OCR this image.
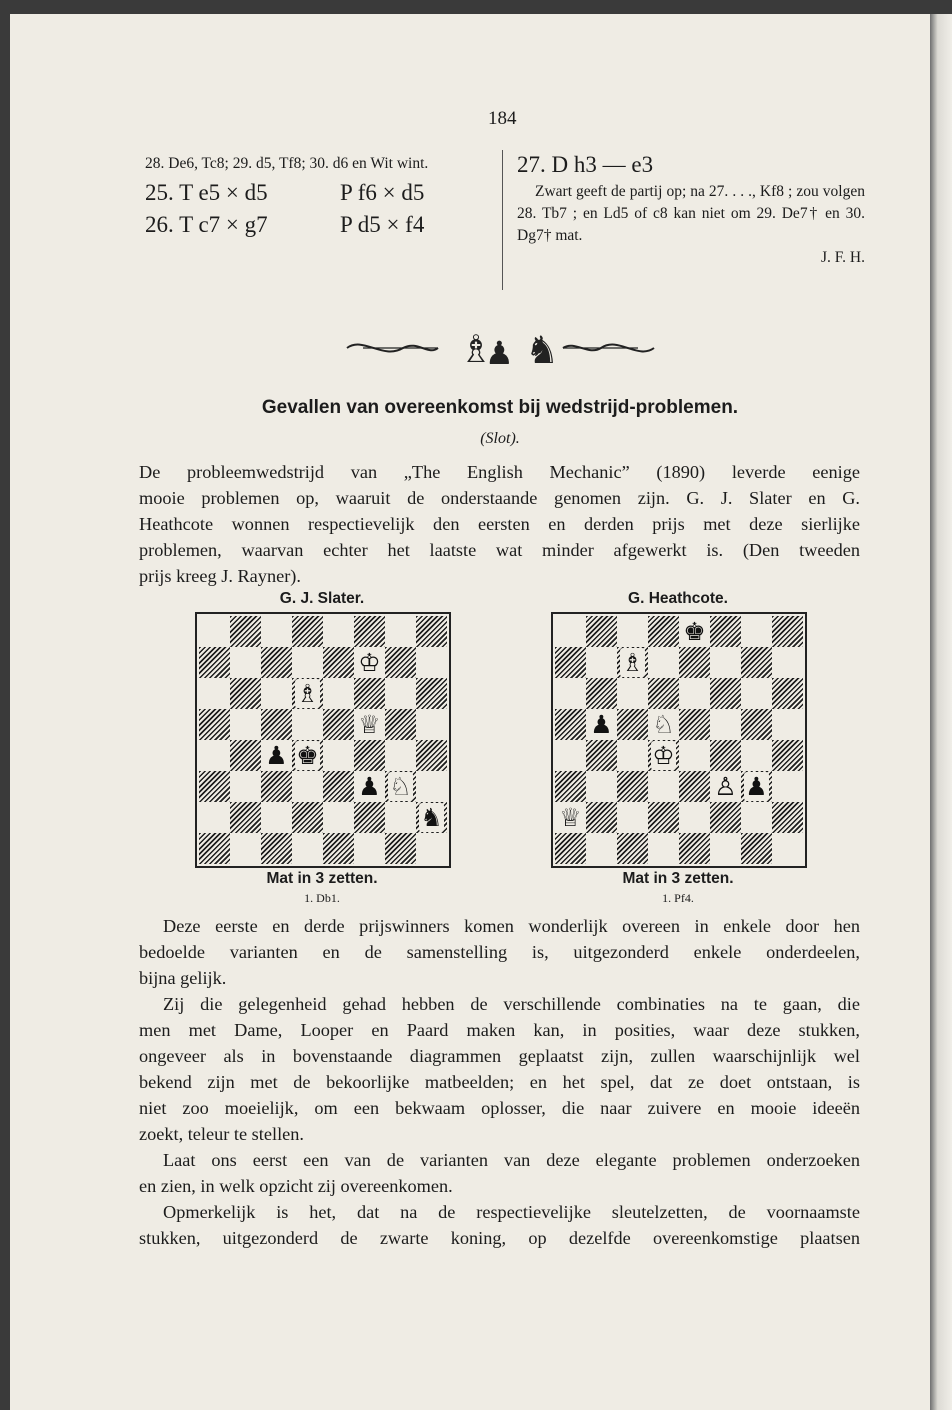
184
28. De6, Tc8; 29. d5, Tf8; 30. d6 en Wit wint.
25. T e5 × d5	P f6 × d5
26. T c7 × g7	P d5 × f4
27. D h3 — e3
Zwart geeft de partij op; na 27. . . ., Kf8 ; zou volgen 28. Tb7 ; en Ld5 of c8 kan niet om 29. De7† en 30. Dg7† mat.
J. F. H.
♗
♟ ♞
Gevallen van overeenkomst bij wedstrijd-problemen.
(Slot).
De probleemwedstrijd van „The English Mechanic” (1890) leverde eenige
mooie problemen op, waaruit de onderstaande genomen zijn. G. J. Slater en G.
Heathcote wonnen respectievelijk den eersten en derden prijs met deze sierlijke
problemen, waarvan echter het laatste wat minder afgewerkt is. (Den tweeden
prijs kreeg J. Rayner).
G. J. Slater.
♔
♗
♕
♟ ♚
♟ ♘
♞
Mat in 3 zetten.
1. Db1.
G. Heathcote.
♚
♗
♟ ♘
♔
♙ ♟
♕
Mat in 3 zetten.
1. Pf4.
Deze eerste en derde prijswinners komen wonderlijk overeen in enkele door hen
bedoelde varianten en de samenstelling is, uitgezonderd enkele onderdeelen,
bijna gelijk.
Zij die gelegenheid gehad hebben de verschillende combinaties na te gaan, die
men met Dame, Looper en Paard maken kan, in posities, waar deze stukken,
ongeveer als in bovenstaande diagrammen geplaatst zijn, zullen waarschijnlijk wel
bekend zijn met de bekoorlijke matbeelden; en het spel, dat ze doet ontstaan, is
niet zoo moeielijk, om een bekwaam oplosser, die naar zuivere en mooie ideeën
zoekt, teleur te stellen.
Laat ons eerst een van de varianten van deze elegante problemen onderzoeken
en zien, in welk opzicht zij overeenkomen.
Opmerkelijk is het, dat na de respectievelijke sleutelzetten, de voornaamste
stukken, uitgezonderd de zwarte koning, op dezelfde overeenkomstige plaatsen
